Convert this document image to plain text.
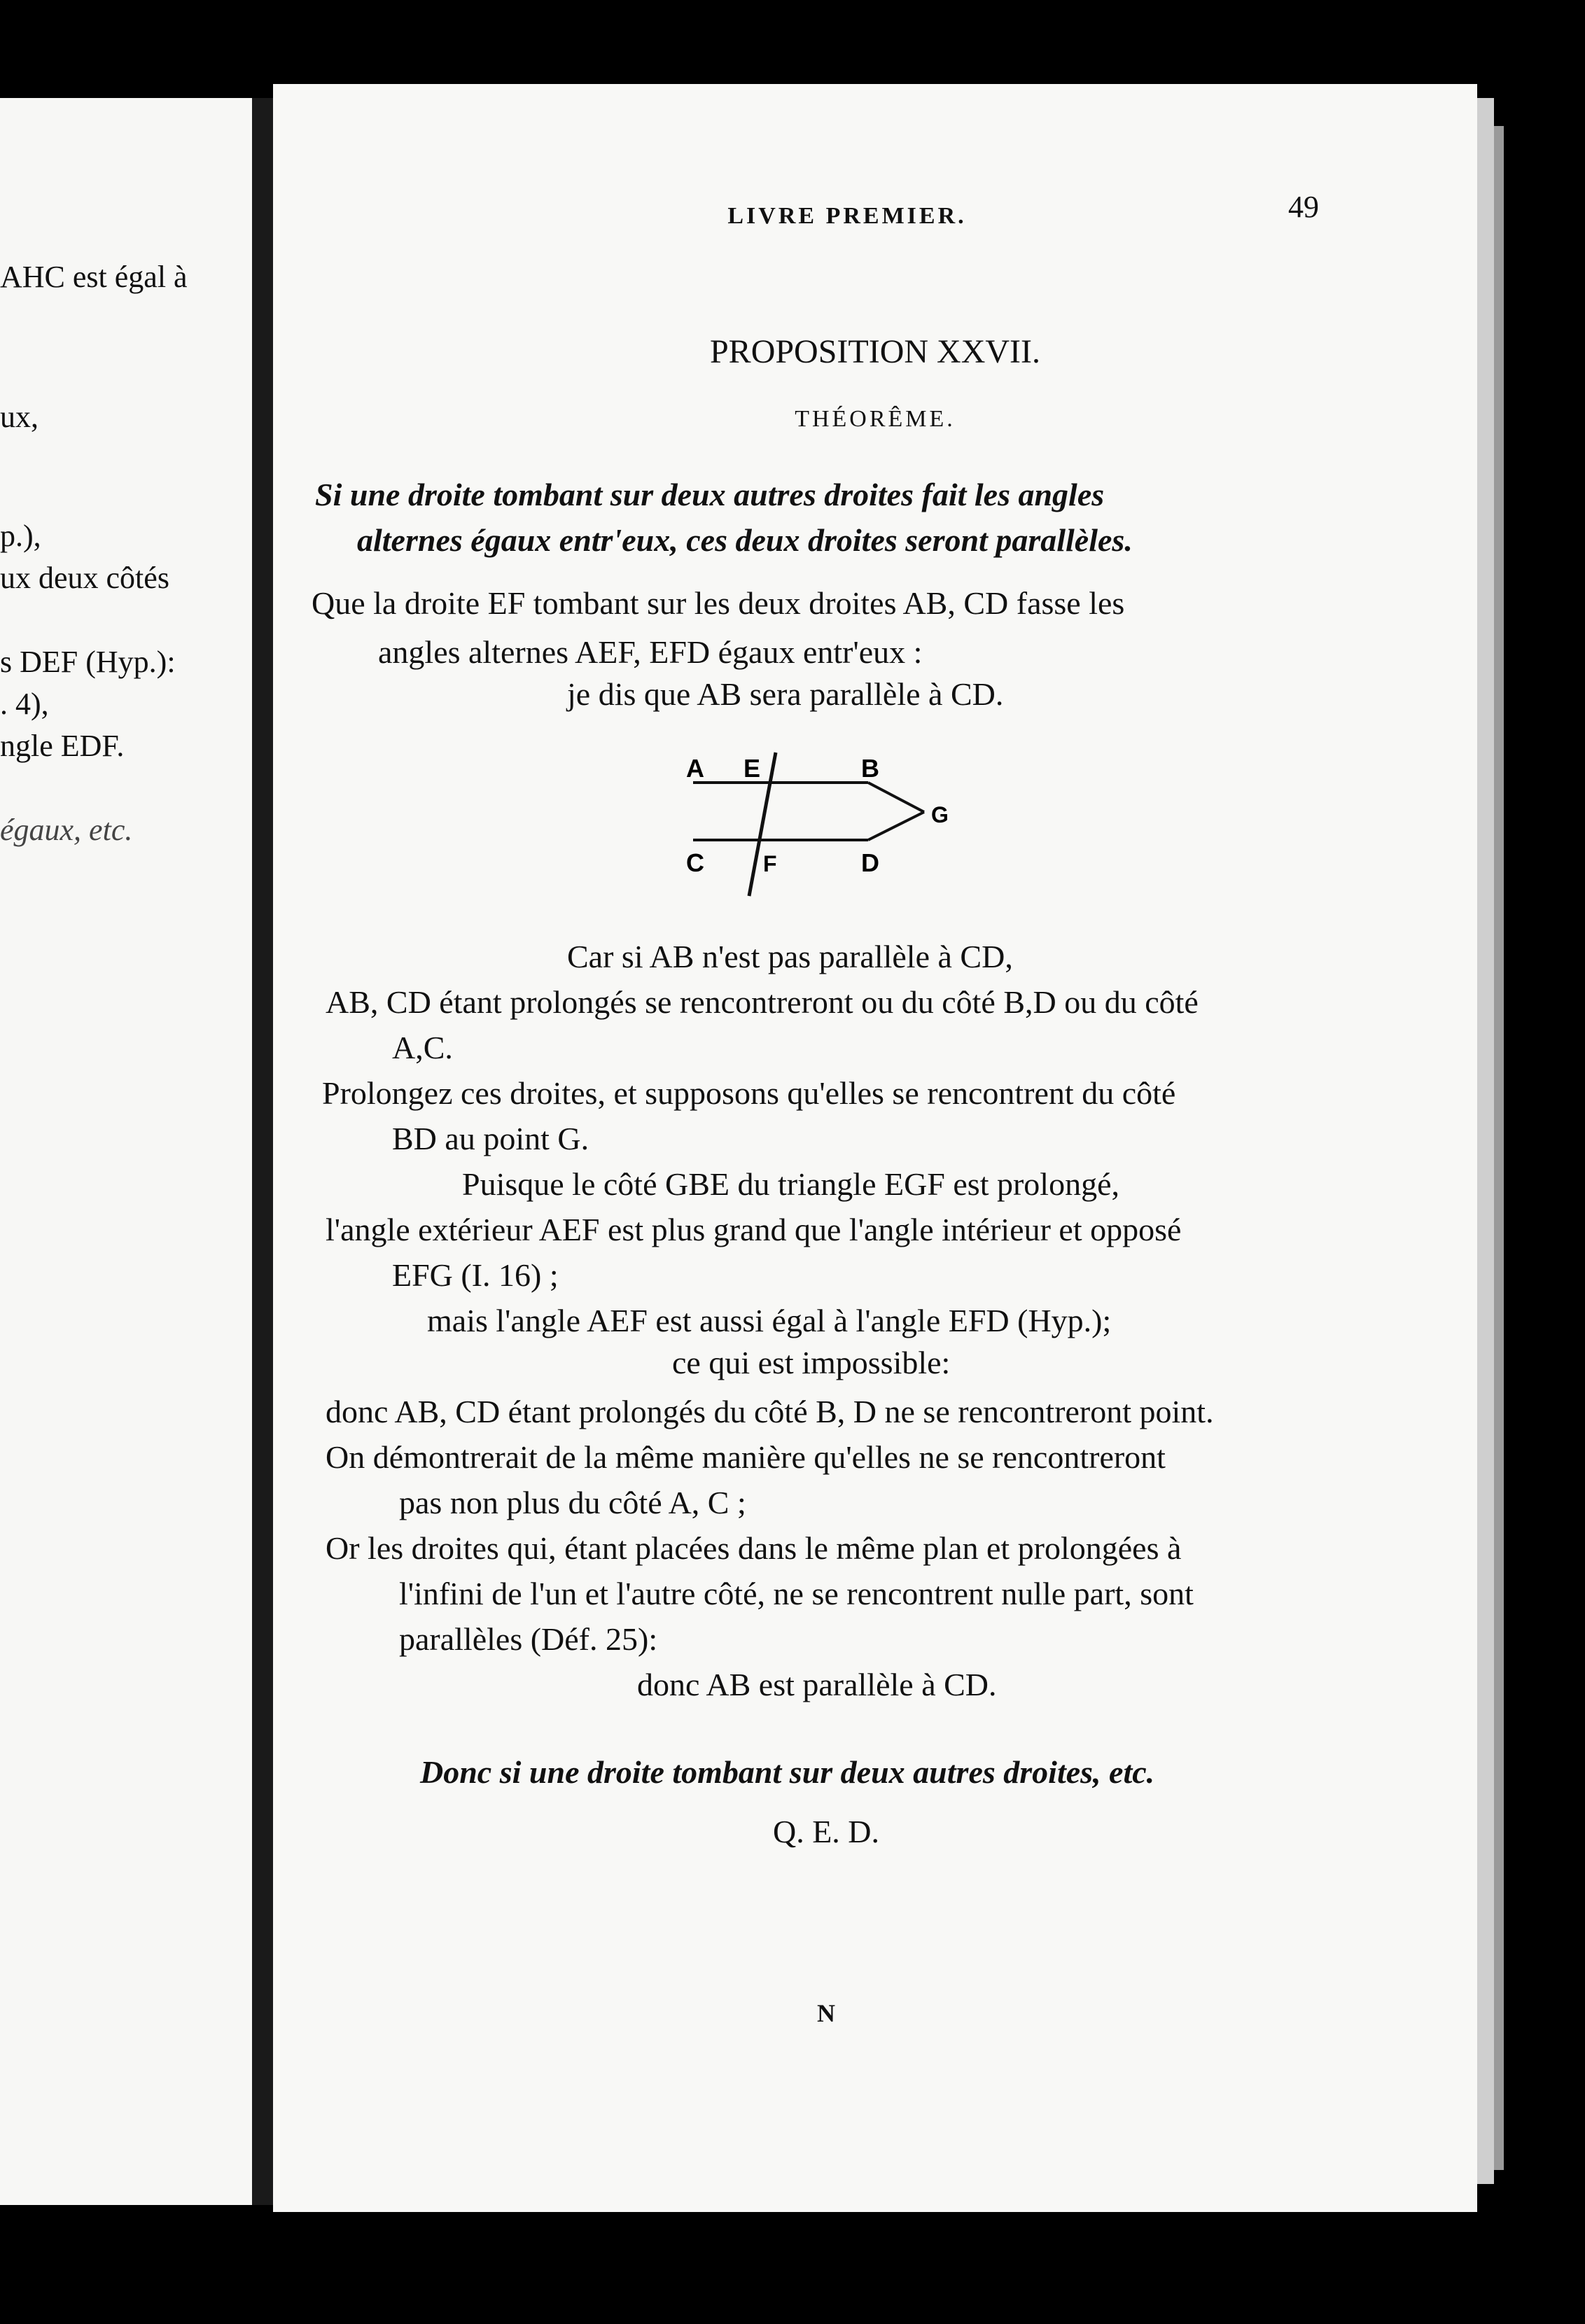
AHC est égal à
ux,
p.),
ux deux côtés
s DEF (Hyp.):
. 4),
ngle EDF.
égaux, etc.
LIVRE PREMIER.	49
PROPOSITION XXVII.
THÉORÊME.
Si une droite tombant sur deux autres droites fait les angles
alternes égaux entr'eux, ces deux droites seront parallèles.
Que la droite EF tombant sur les deux droites AB, CD fasse les
angles alternes AEF, EFD égaux entr'eux :
je dis que AB sera parallèle à CD.
A E	B
G
C	F	D
Car si AB n'est pas parallèle à CD,
AB, CD étant prolongés se rencontreront ou du côté B,D ou du côté
A,C.
Prolongez ces droites, et supposons qu'elles se rencontrent du côté
BD au point G.
Puisque le côté GBE du triangle EGF est prolongé,
l'angle extérieur AEF est plus grand que l'angle intérieur et opposé
EFG (I. 16) ;
mais l'angle AEF est aussi égal à l'angle EFD (Hyp.);
ce qui est impossible:
donc AB, CD étant prolongés du côté B, D ne se rencontreront point.
On démontrerait de la même manière qu'elles ne se rencontreront
pas non plus du côté A, C ;
Or les droites qui, étant placées dans le même plan et prolongées à
l'infini de l'un et l'autre côté, ne se rencontrent nulle part, sont
parallèles (Déf. 25):
donc AB est parallèle à CD.
Donc si une droite tombant sur deux autres droites, etc.
Q. E. D.
N
